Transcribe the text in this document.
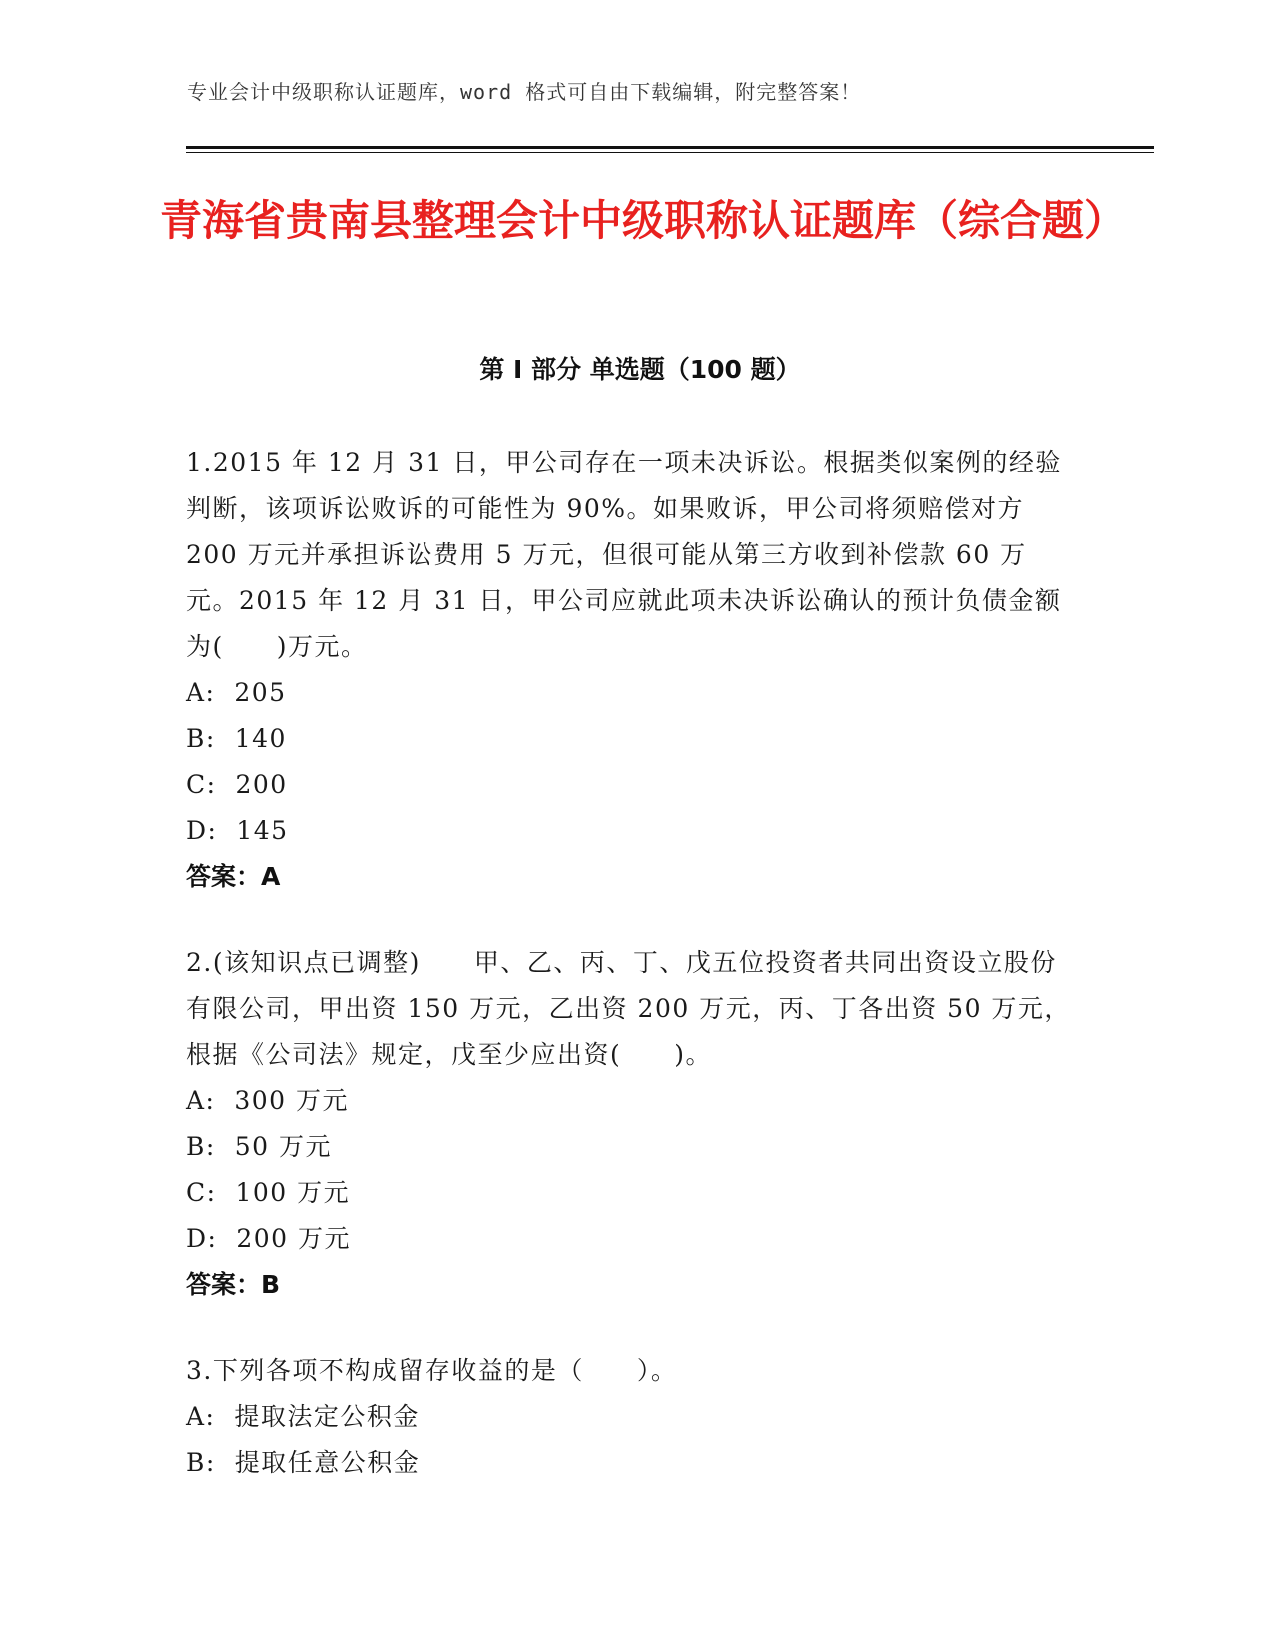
专业会计中级职称认证题库，word 格式可自由下载编辑，附完整答案！
青海省贵南县整理会计中级职称认证题库（综合题）
第 I 部分 单选题（100 题）

1.2015 年 12 月 31 日，甲公司存在一项未决诉讼。根据类似案例的经验判断，该项诉讼败诉的可能性为 90%。如果败诉，甲公司将须赔偿对方 200 万元并承担诉讼费用 5 万元，但很可能从第三方收到补偿款 60 万元。2015 年 12 月 31 日，甲公司应就此项未决诉讼确认的预计负债金额为(　　)万元。

A:  205
B:  140
C:  200
D:  145
答案：A

2.(该知识点已调整)　　甲、乙、丙、丁、戊五位投资者共同出资设立股份有限公司，甲出资 150 万元，乙出资 200 万元，丙、丁各出资 50 万元，根据《公司法》规定，戊至少应出资(　　)。

A:  300 万元
B:  50 万元
C:  100 万元
D:  200 万元
答案：B

3.下列各项不构成留存收益的是（　　）。

A:  提取法定公积金
B:  提取任意公积金
